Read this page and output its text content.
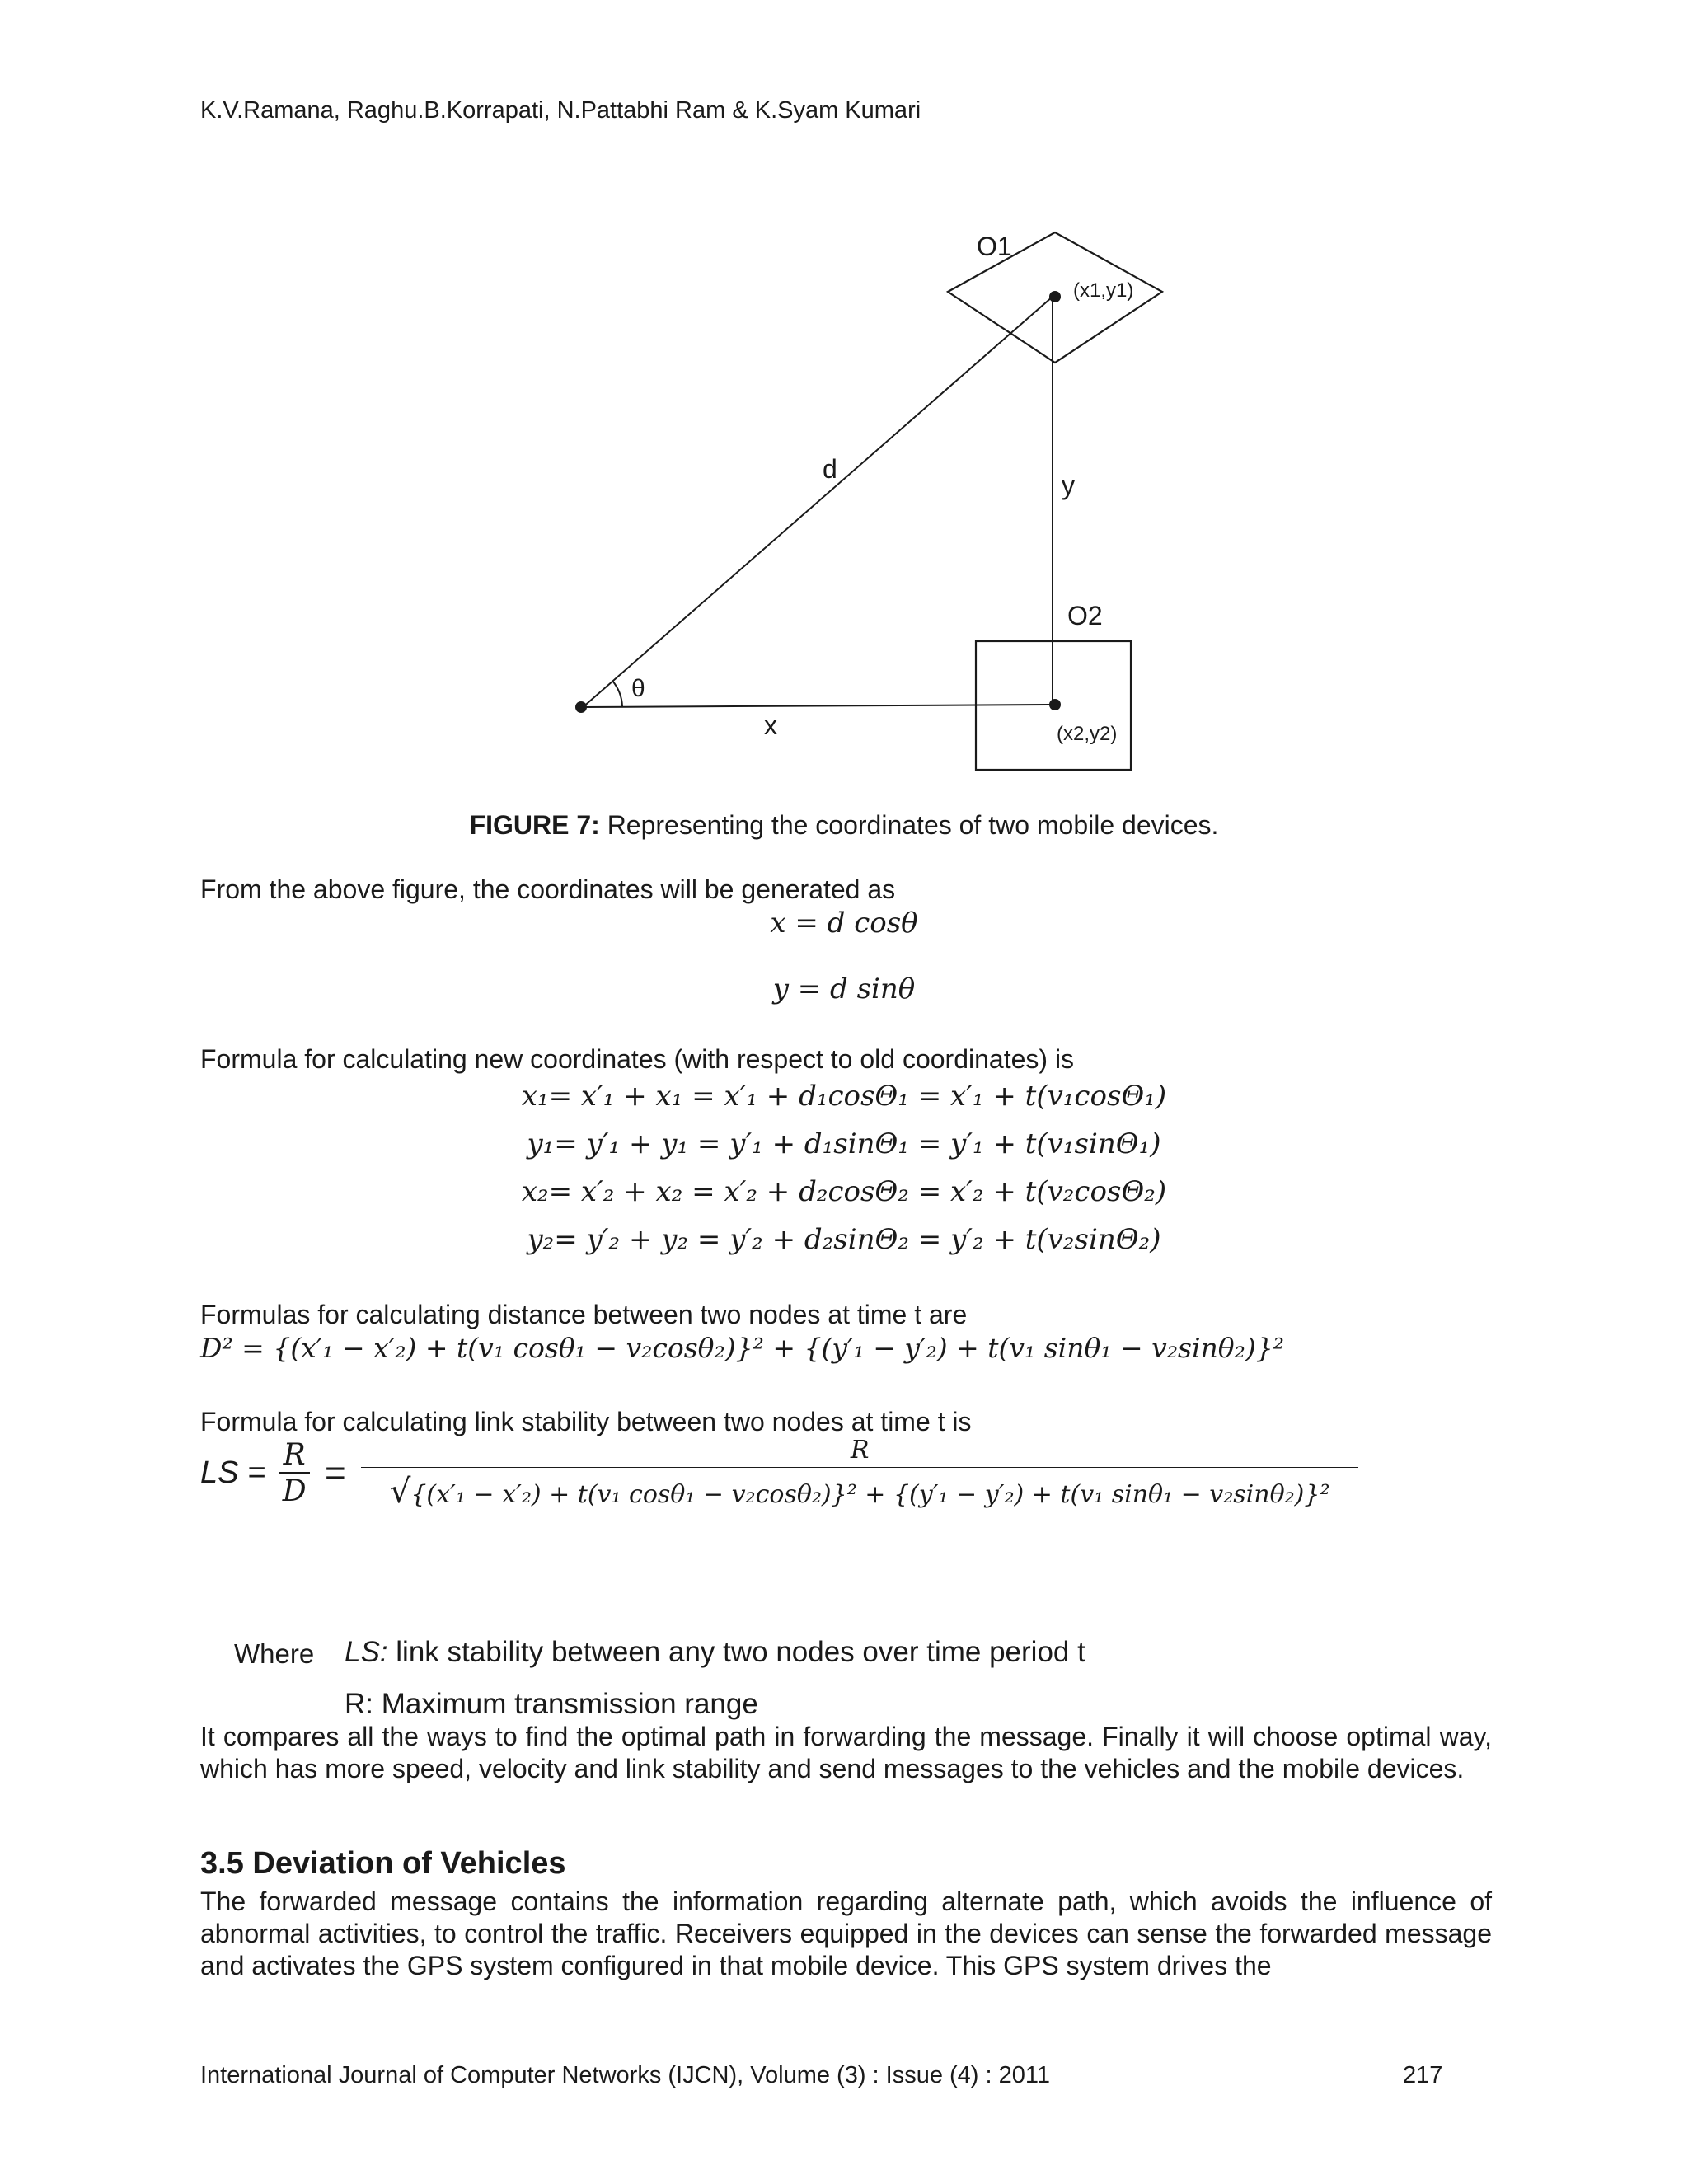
K.V.Ramana, Raghu.B.Korrapati, N.Pattabhi Ram & K.Syam Kumari
O1
(x1,y1)
d
y
O2
θ
x	(x2,y2)
FIGURE 7: Representing the coordinates of two mobile devices.
From the above figure, the coordinates will be generated as
x = d cosθ
y = d sinθ
Formula for calculating new coordinates (with respect to old coordinates) is
x₁= x′₁ + x₁ = x′₁ + d₁cosΘ₁ = x′₁ + t(v₁cosΘ₁)
y₁= y′₁ + y₁ = y′₁ + d₁sinΘ₁ = y′₁ + t(v₁sinΘ₁)
x₂= x′₂ + x₂ = x′₂ + d₂cosΘ₂ = x′₂ + t(v₂cosΘ₂)
y₂= y′₂ + y₂ = y′₂ + d₂sinΘ₂ = y′₂ + t(v₂sinΘ₂)
Formulas for calculating distance between two nodes at time t are
D² = {(x′₁ − x′₂) + t(v₁ cosθ₁ − v₂cosθ₂)}² + {(y′₁ − y′₂) + t(v₁ sinθ₁ − v₂sinθ₂)}²
Formula for calculating link stability between two nodes at time t is
LS = $\frac{R}{D}$ =
R
√{(x′₁ − x′₂) + t(v₁ cosθ₁ − v₂cosθ₂)}² + {(y′₁ − y′₂) + t(v₁ sinθ₁ − v₂sinθ₂)}²
Where LS: link stability between any two nodes over time period t
R: Maximum transmission range
It compares all the ways to find the optimal path in forwarding the message. Finally it will choose optimal way, which has more speed, velocity and link stability and send messages to the vehicles and the mobile devices.
3.5 Deviation of Vehicles
The forwarded message contains the information regarding alternate path, which avoids the influence of abnormal activities, to control the traffic. Receivers equipped in the devices can sense the forwarded message and activates the GPS system configured in that mobile device. This GPS system drives the
International Journal of Computer Networks (IJCN), Volume (3) : Issue (4) : 2011	217
